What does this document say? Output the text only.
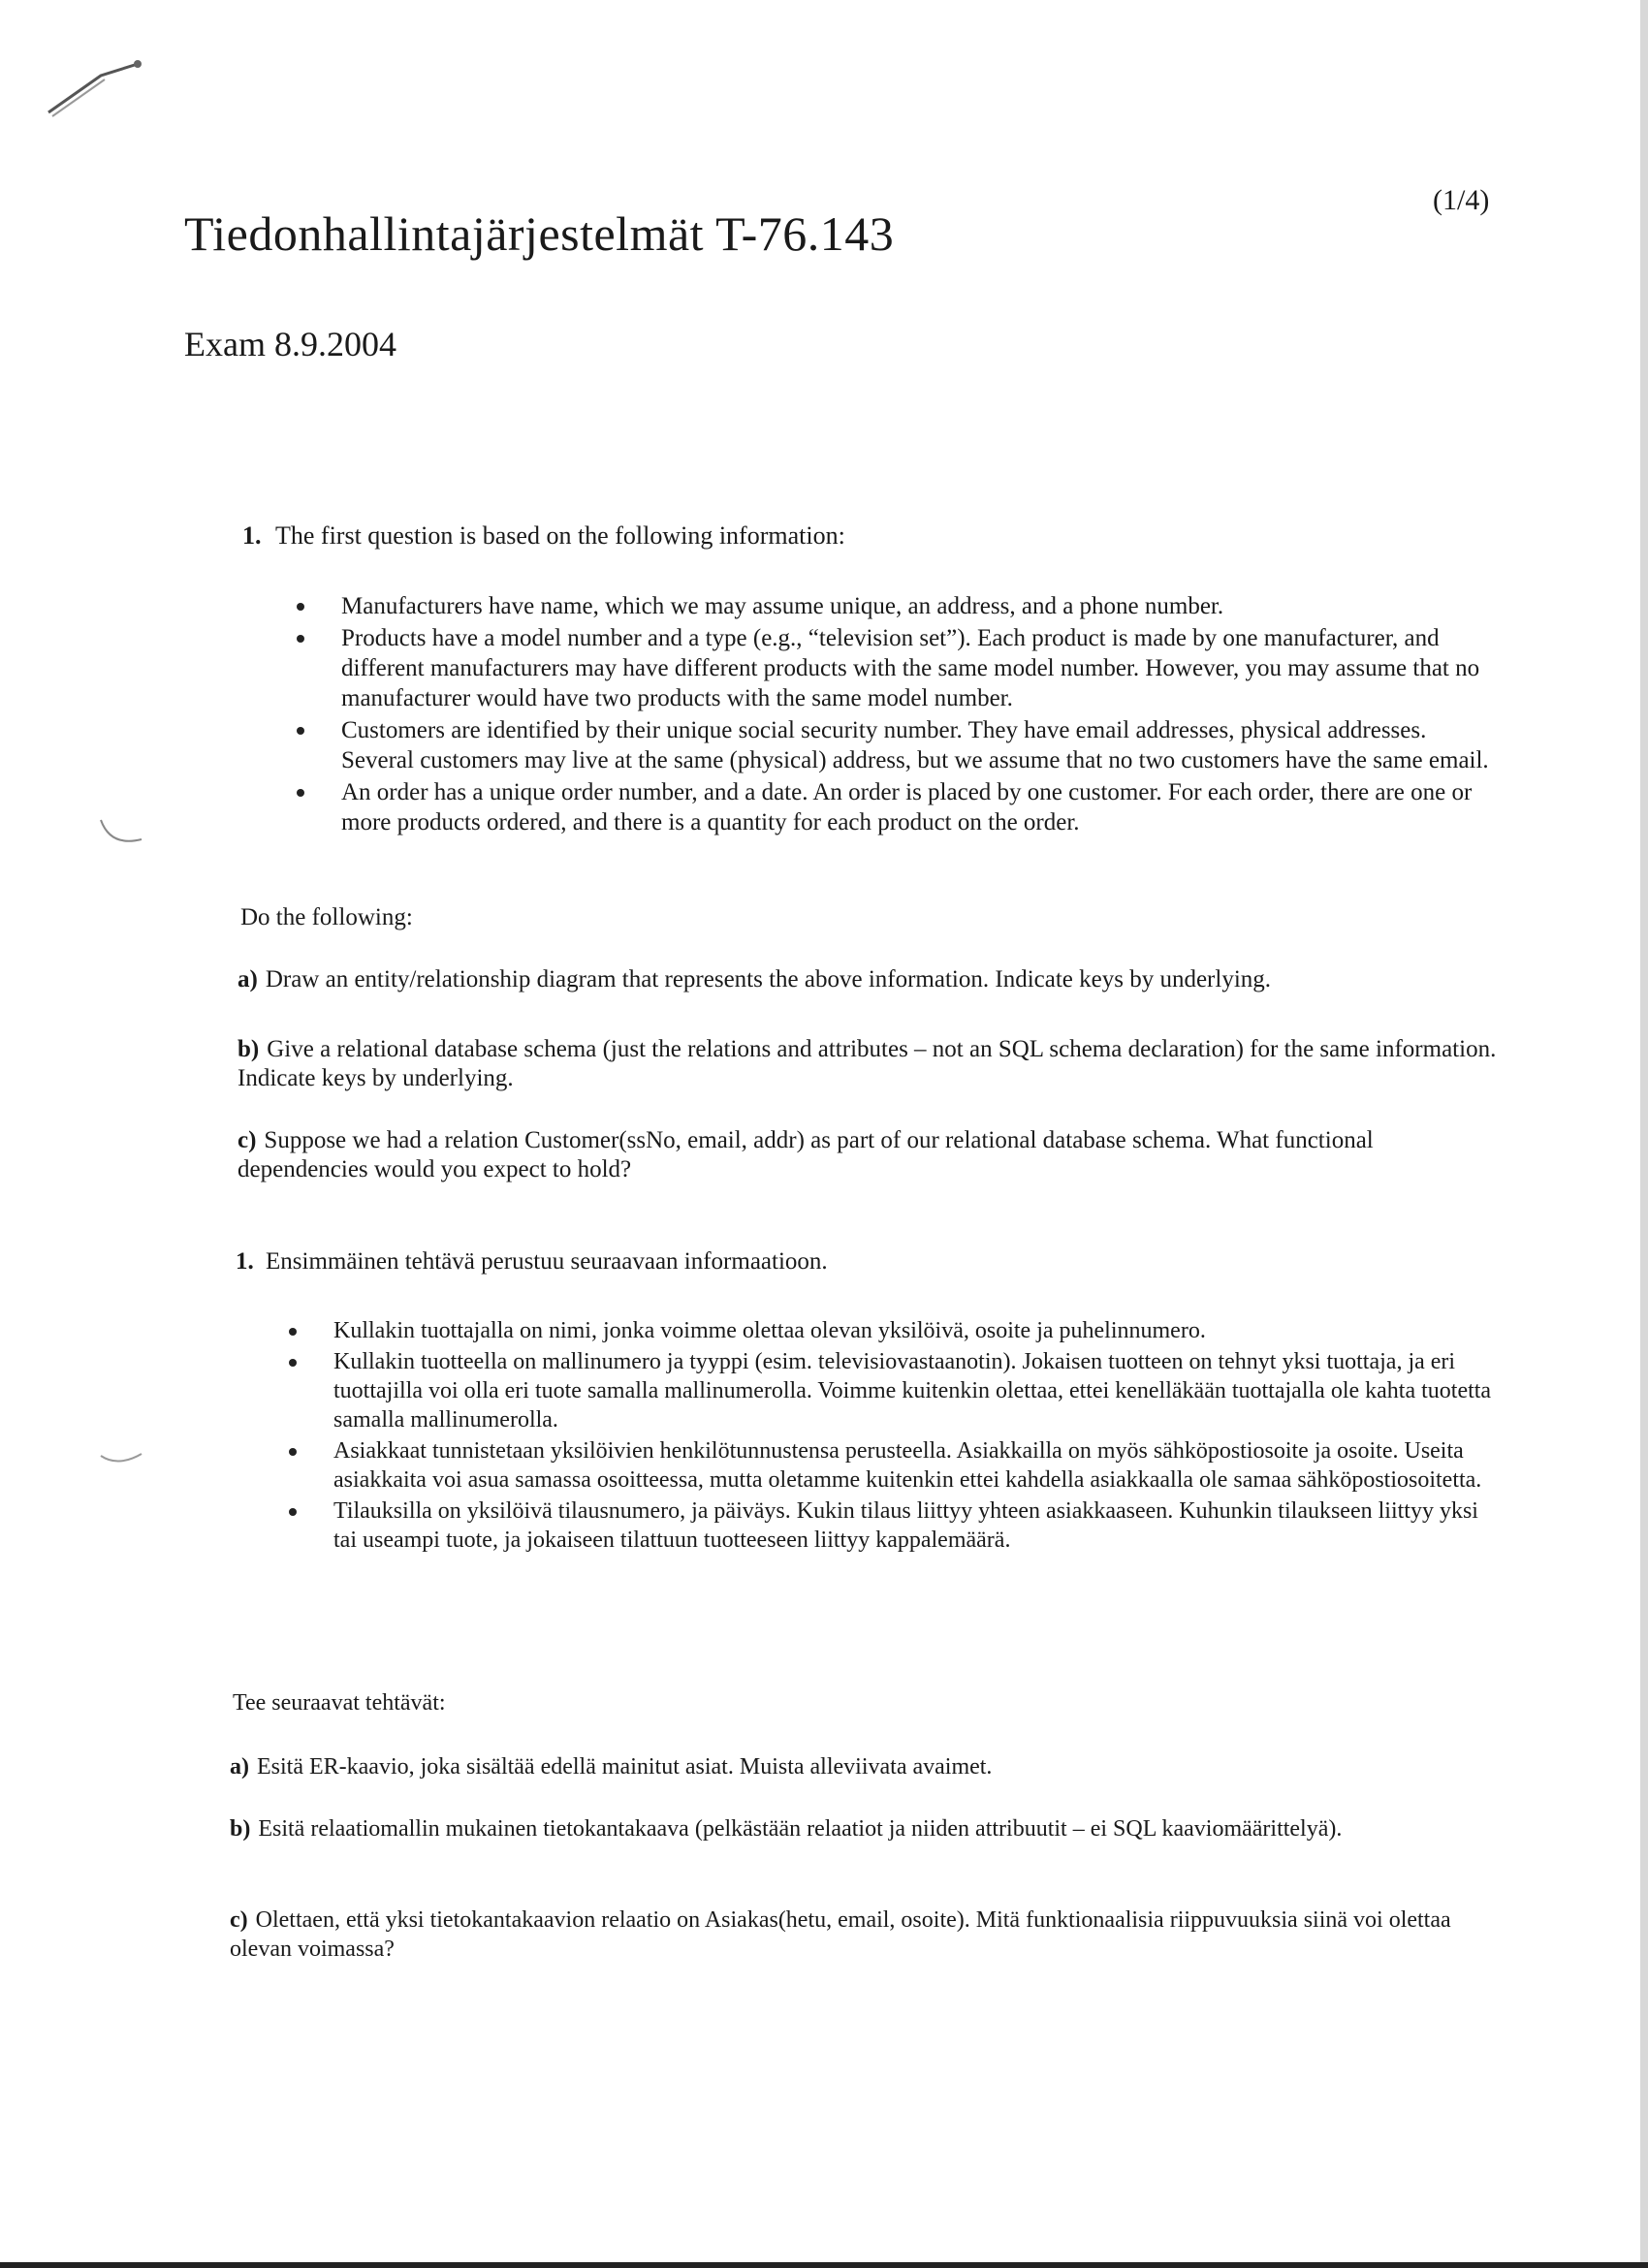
(1/4)
Tiedonhallintajärjestelmät T-76.143
Exam 8.9.2004
1. The first question is based on the following information:
Manufacturers have name, which we may assume unique, an address, and a phone number.
Products have a model number and a type (e.g., “television set”). Each product is made by one manufacturer, and different manufacturers may have different products with the same model number. However, you may assume that no manufacturer would have two products with the same model number.
Customers are identified by their unique social security number. They have email addresses, physical addresses. Several customers may live at the same (physical) address, but we assume that no two customers have the same email.
An order has a unique order number, and a date. An order is placed by one customer. For each order, there are one or more products ordered, and there is a quantity for each product on the order.
Do the following:
a) Draw an entity/relationship diagram that represents the above information. Indicate keys by underlying.
b) Give a relational database schema (just the relations and attributes – not an SQL schema declaration) for the same information. Indicate keys by underlying.
c) Suppose we had a relation Customer(ssNo, email, addr) as part of our relational database schema. What functional dependencies would you expect to hold?
1. Ensimmäinen tehtävä perustuu seuraavaan informaatioon.
Kullakin tuottajalla on nimi, jonka voimme olettaa olevan yksilöivä, osoite ja puhelinnumero.
Kullakin tuotteella on mallinumero ja tyyppi (esim. televisiovastaanotin). Jokaisen tuotteen on tehnyt yksi tuottaja, ja eri tuottajilla voi olla eri tuote samalla mallinumerolla. Voimme kuitenkin olettaa, ettei kenelläkään tuottajalla ole kahta tuotetta samalla mallinumerolla.
Asiakkaat tunnistetaan yksilöivien henkilötunnustensa perusteella. Asiakkailla on myös sähköpostiosoite ja osoite. Useita asiakkaita voi asua samassa osoitteessa, mutta oletamme kuitenkin ettei kahdella asiakkaalla ole samaa sähköpostiosoitetta.
Tilauksilla on yksilöivä tilausnumero, ja päiväys. Kukin tilaus liittyy yhteen asiakkaaseen. Kuhunkin tilaukseen liittyy yksi tai useampi tuote, ja jokaiseen tilattuun tuotteeseen liittyy kappalemäärä.
Tee seuraavat tehtävät:
a) Esitä ER-kaavio, joka sisältää edellä mainitut asiat. Muista alleviivata avaimet.
b) Esitä relaatiomallin mukainen tietokantakaava (pelkästään relaatiot ja niiden attribuutit – ei SQL kaaviomäärittelyä).
c) Olettaen, että yksi tietokantakaavion relaatio on Asiakas(hetu, email, osoite). Mitä funktionaalisia riippuvuuksia siinä voi olettaa olevan voimassa?
